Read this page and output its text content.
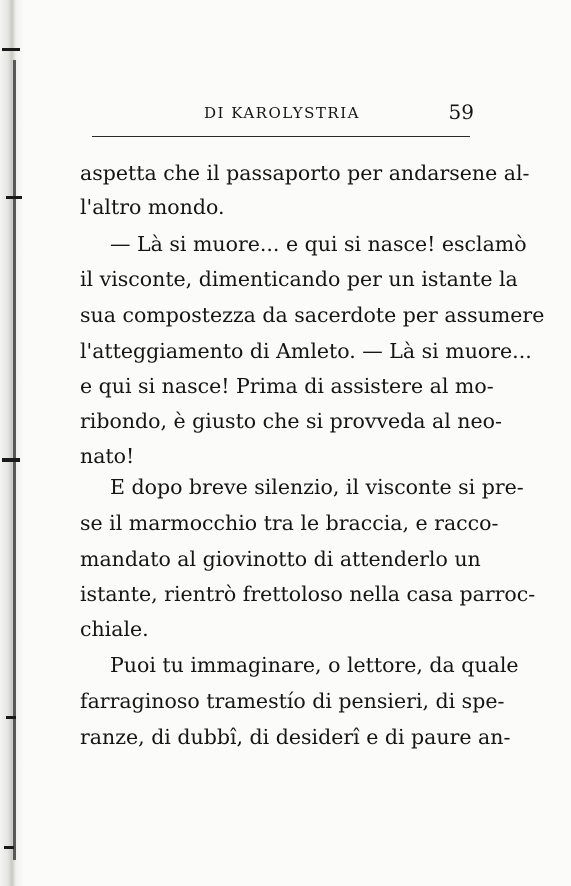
DI KAROLYSTRIA	59
aspetta che il passaporto per andarsene al-
l'altro mondo.
— Là si muore... e qui si nasce! esclamò
il visconte, dimenticando per un istante la
sua compostezza da sacerdote per assumere
l'atteggiamento di Amleto. — Là si muore...
e qui si nasce! Prima di assistere al mo-
ribondo, è giusto che si provveda al neo-
nato!
E dopo breve silenzio, il visconte si pre-
se il marmocchio tra le braccia, e racco-
mandato al giovinotto di attenderlo un
istante, rientrò frettoloso nella casa parroc-
chiale.
Puoi tu immaginare, o lettore, da quale
farraginoso tramestío di pensieri, di spe-
ranze, di dubbî, di desiderî e di paure an-
